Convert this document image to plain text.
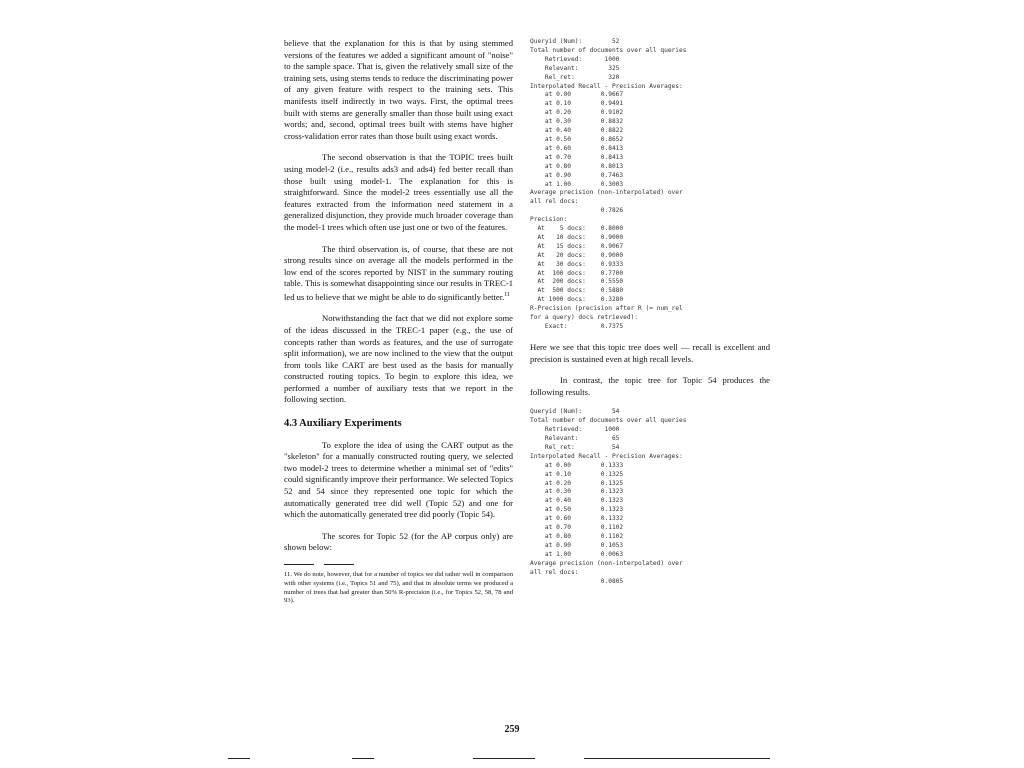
believe that the explanation for this is that by using stemmed versions of the features we added a significant amount of "noise" to the sample space. That is, given the relatively small size of the training sets, using stems tends to reduce the discriminating power of any given feature with respect to the training sets. This manifests itself indirectly in two ways. First, the optimal trees built with stems are generally smaller than those built using exact words; and, second, optimal trees built with stems have higher cross-validation error rates than those built using exact words.

The second observation is that the TOPIC trees built using model-2 (i.e., results ads3 and ads4) fed better recall than those built using model-1. The explanation for this is straightforward. Since the model-2 trees essentially use all the features extracted from the information need statement in a generalized disjunction, they provide much broader coverage than the model-1 trees which often use just one or two of the features.

The third observation is, of course, that these are not strong results since on average all the models performed in the low end of the scores reported by NIST in the summary routing table. This is somewhat disappointing since our results in TREC-1 led us to believe that we might be able to do significantly better.$^{11}$

Notwithstanding the fact that we did not explore some of the ideas discussed in the TREC-1 paper (e.g., the use of concepts rather than words as features, and the use of surrogate split information), we are now inclined to the view that the output from tools like CART are best used as the basis for manually constructed routing topics. To begin to explore this idea, we performed a number of auxiliary tests that we report in the following section.

4.3 Auxiliary Experiments

To explore the idea of using the CART output as the "skeleton" for a manually constructed routing query, we selected two model-2 trees to determine whether a minimal set of "edits" could significantly improve their performance. We selected Topics 52 and 54 since they represented one topic for which the automatically generated tree did well (Topic 52) and one for which the automatically generated tree did poorly (Topic 54).

The scores for Topic 52 (for the AP corpus only) are shown below:

11. We do note, however, that for a number of topics we did rather well in comparison with other systems (i.e., Topics 51 and 75), and that in absolute terms we produced a number of trees that had greater than 50% R-precision (i.e., for Topics 52, 58, 78 and 93).

Queryid (Num):        52
Total number of documents over all queries
Retrieved:      1000
Relevant:        325
Rel_ret:         320
Interpolated Recall - Precision Averages:
at 0.00        0.9667
at 0.10        0.9491
at 0.20        0.9102
at 0.30        0.8832
at 0.40        0.8822
at 0.50        0.8652
at 0.60        0.8413
at 0.70        0.8413
at 0.80        0.8013
at 0.90        0.7463
at 1.00        0.3003
Average precision (non-interpolated) over
all rel docs:
0.7826
Precision:
At    5 docs:    0.8000
At   10 docs:    0.9000
At   15 docs:    0.9067
At   20 docs:    0.9000
At   30 docs:    0.9333
At  100 docs:    0.7700
At  200 docs:    0.5550
At  500 docs:    0.5880
At 1000 docs:    0.3280
R-Precision (precision after R (= num_rel
for a query) docs retrieved):
Exact:         0.7375

Here we see that this topic tree does well — recall is excellent and precision is sustained even at high recall levels.

In contrast, the topic tree for Topic 54 produces the following results.

Queryid (Num):        54
Total number of documents over all queries
Retrieved:      1000
Relevant:         65
Rel_ret:          54
Interpolated Recall - Precision Averages:
at 0.00        0.1333
at 0.10        0.1325
at 0.20        0.1325
at 0.30        0.1323
at 0.40        0.1323
at 0.50        0.1323
at 0.60        0.1332
at 0.70        0.1102
at 0.80        0.1102
at 0.90        0.1053
at 1.00        0.0063
Average precision (non-interpolated) over
all rel docs:
0.0805
259
